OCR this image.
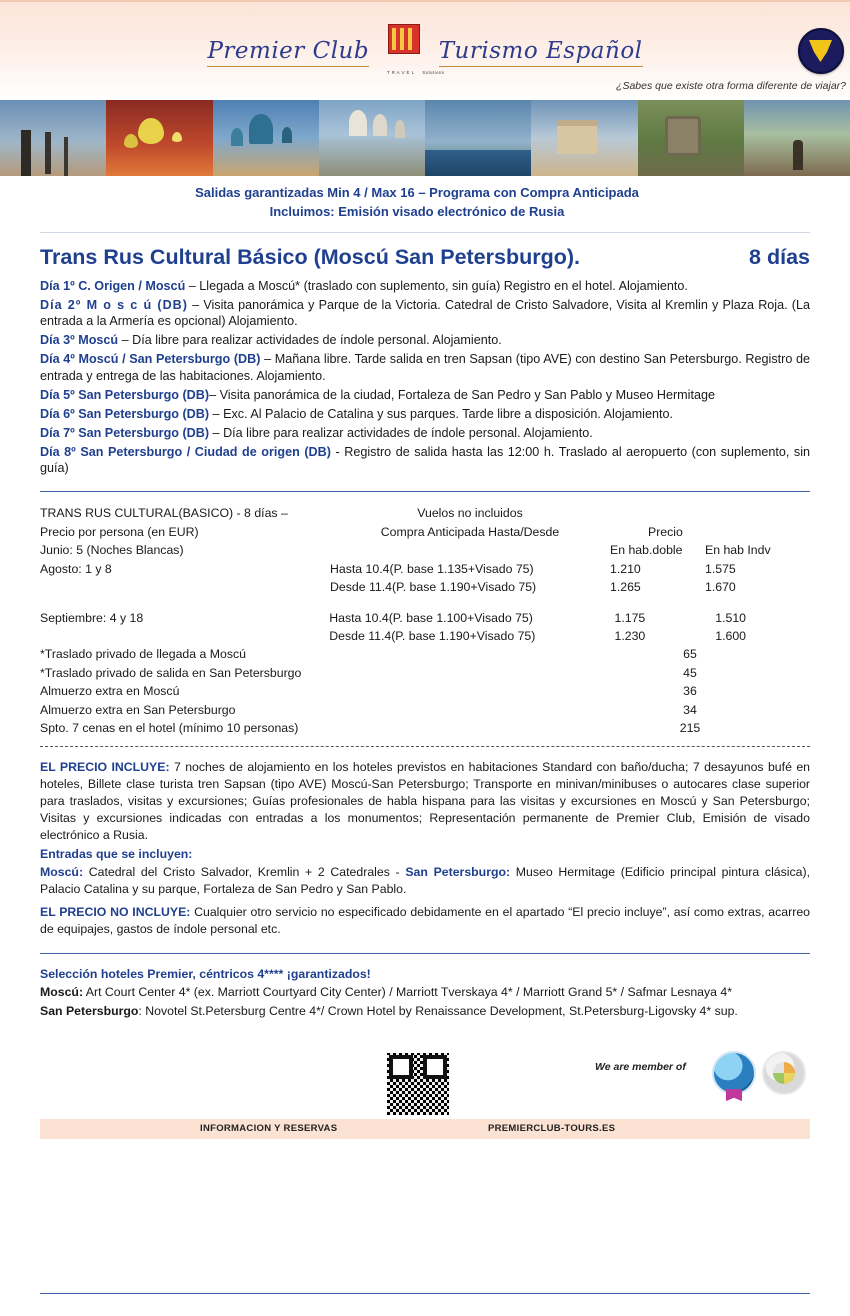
Premier Club

T R A V E L Solutions Turismo Español
¿Sabes que existe otra forma diferente de viajar?
Salidas garantizadas Min 4 / Max 16 – Programa con Compra Anticipada
Incluimos: Emisión visado electrónico de Rusia
Trans Rus Cultural Básico (Moscú San Petersburgo).	8 días

Día 1º C. Origen / Moscú – Llegada a Moscú* (traslado con suplemento, sin guía) Registro en el hotel. Alojamiento.

Día 2º M o s c ú (DB) – Visita panorámica y Parque de la Victoria. Catedral de Cristo Salvadore, Visita al Kremlin y Plaza Roja. (La entrada a la Armería es opcional) Alojamiento.

Día 3º Moscú – Día libre para realizar actividades de índole personal. Alojamiento.

Día 4º Moscú / San Petersburgo (DB) – Mañana libre. Tarde salida en tren Sapsan (tipo AVE) con destino San Petersburgo. Registro de entrada y entrega de las habitaciones. Alojamiento.

Día 5º San Petersburgo (DB)– Visita panorámica de la ciudad, Fortaleza de San Pedro y San Pablo y Museo Hermitage

Día 6º San Petersburgo (DB) – Exc. Al Palacio de Catalina y sus parques. Tarde libre a disposición. Alojamiento.

Día 7º San Petersburgo (DB) – Día libre para realizar actividades de índole personal. Alojamiento.

Día 8º San Petersburgo / Ciudad de origen (DB) - Registro de salida hasta las 12:00 h. Traslado al aeropuerto (con suplemento, sin guía)

TRANS RUS CULTURAL(BASICO) - 8 días –	Vuelos no incluidos
Precio por persona (en EUR)	Compra Anticipada Hasta/Desde	Precio
Junio: 5 (Noches Blancas)	En hab.doble	En hab Indv
Agosto: 1 y 8	Hasta 10.4(P. base 1.135+Visado 75)	1.210	1.575
Desde 11.4(P. base 1.190+Visado 75)	1.265	1.670
Septiembre: 4 y 18	Hasta 10.4(P. base 1.100+Visado 75)	1.175	1.510
Desde 11.4(P. base 1.190+Visado 75)	1.230	1.600
*Traslado privado de llegada a Moscú	65
*Traslado privado de salida en San Petersburgo	45
Almuerzo extra en Moscú	36
Almuerzo extra en San Petersburgo	34
Spto. 7 cenas en el hotel (mínimo 10 personas)	215

EL PRECIO INCLUYE: 7 noches de alojamiento en los hoteles previstos en habitaciones Standard con baño/ducha; 7 desayunos bufé en hoteles, Billete clase turista tren Sapsan (tipo AVE) Moscú-San Petersburgo; Transporte en minivan/minibuses o autocares clase superior para traslados, visitas y excursiones; Guías profesionales de habla hispana para las visitas y excursiones en Moscú y San Petersburgo; Visitas y excursiones indicadas con entradas a los monumentos; Representación permanente de Premier Club, Emisión de visado electrónico a Rusia.

Entradas que se incluyen:

Moscú: Catedral del Cristo Salvador, Kremlin + 2 Catedrales - San Petersburgo: Museo Hermitage (Edificio principal pintura clásica), Palacio Catalina y su parque, Fortaleza de San Pedro y San Pablo.

EL PRECIO NO INCLUYE: Cualquier otro servicio no especificado debidamente en el apartado “El precio incluye”, así como extras, acarreo de equipajes, gastos de índole personal etc.

Selección hoteles Premier, céntricos 4**** ¡garantizados!

Moscú: Art Court Center 4* (ex. Marriott Courtyard City Center) / Marriott Tverskaya 4* / Marriott Grand 5* / Safmar Lesnaya 4*

San Petersburgo: Novotel St.Petersburg Centre 4*/ Crown Hotel by Renaissance Development, St.Petersburg-Ligovsky 4* sup.

We are member of
INFORMACION Y RESERVAS	PREMIERCLUB-TOURS.ES
